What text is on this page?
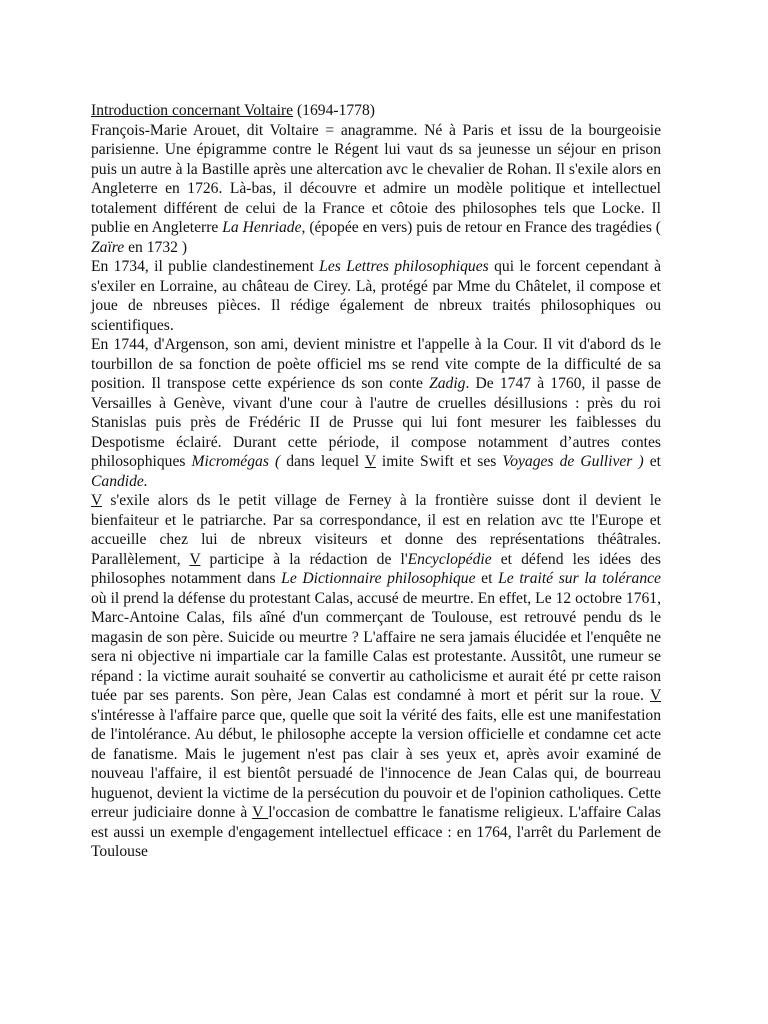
Introduction concernant Voltaire (1694-1778)
François-Marie Arouet, dit Voltaire = anagramme. Né à Paris et issu de la bourgeoisie parisienne. Une épigramme contre le Régent lui vaut ds sa jeunesse un séjour en prison puis un autre à la Bastille après une altercation avc le chevalier de Rohan. Il s'exile alors en Angleterre en 1726. Là-bas, il découvre et admire un modèle politique et intellectuel totalement différent de celui de la France et côtoie des philosophes tels que Locke. Il publie en Angleterre La Henriade, (épopée en vers) puis de retour en France des tragédies ( Zaïre en 1732 )
En 1734, il publie clandestinement Les Lettres philosophiques qui le forcent cependant à s'exiler en Lorraine, au château de Cirey. Là, protégé par Mme du Châtelet, il compose et joue de nbreuses pièces. Il rédige également de nbreux traités philosophiques ou scientifiques.
En 1744, d'Argenson, son ami, devient ministre et l'appelle à la Cour. Il vit d'abord ds le tourbillon de sa fonction de poète officiel ms se rend vite compte de la difficulté de sa position. Il transpose cette expérience ds son conte Zadig. De 1747 à 1760, il passe de Versailles à Genève, vivant d'une cour à l'autre de cruelles désillusions : près du roi Stanislas puis près de Frédéric II de Prusse qui lui font mesurer les faiblesses du Despotisme éclairé. Durant cette période, il compose notamment d’autres contes philosophiques Micromégas ( dans lequel V imite Swift et ses Voyages de Gulliver ) et Candide.
V s'exile alors ds le petit village de Ferney à la frontière suisse dont il devient le bienfaiteur et le patriarche. Par sa correspondance, il est en relation avc tte l'Europe et accueille chez lui de nbreux visiteurs et donne des représentations théâtrales. Parallèlement, V participe à la rédaction de l'Encyclopédie et défend les idées des philosophes notamment dans Le Dictionnaire philosophique et Le traité sur la tolérance où il prend la défense du protestant Calas, accusé de meurtre. En effet, Le 12 octobre 1761, Marc-Antoine Calas, fils aîné d'un commerçant de Toulouse, est retrouvé pendu ds le magasin de son père. Suicide ou meurtre ? L'affaire ne sera jamais élucidée et l'enquête ne sera ni objective ni impartiale car la famille Calas est protestante. Aussitôt, une rumeur se répand : la victime aurait souhaité se convertir au catholicisme et aurait été pr cette raison tuée par ses parents. Son père, Jean Calas est condamné à mort et périt sur la roue. V s'intéresse à l'affaire parce que, quelle que soit la vérité des faits, elle est une manifestation de l'intolérance. Au début, le philosophe accepte la version officielle et condamne cet acte de fanatisme. Mais le jugement n'est pas clair à ses yeux et, après avoir examiné de nouveau l'affaire, il est bientôt persuadé de l'innocence de Jean Calas qui, de bourreau huguenot, devient la victime de la persécution du pouvoir et de l'opinion catholiques. Cette erreur judiciaire donne à V l'occasion de combattre le fanatisme religieux. L'affaire Calas est aussi un exemple d'engagement intellectuel efficace : en 1764, l'arrêt du Parlement de Toulouse
